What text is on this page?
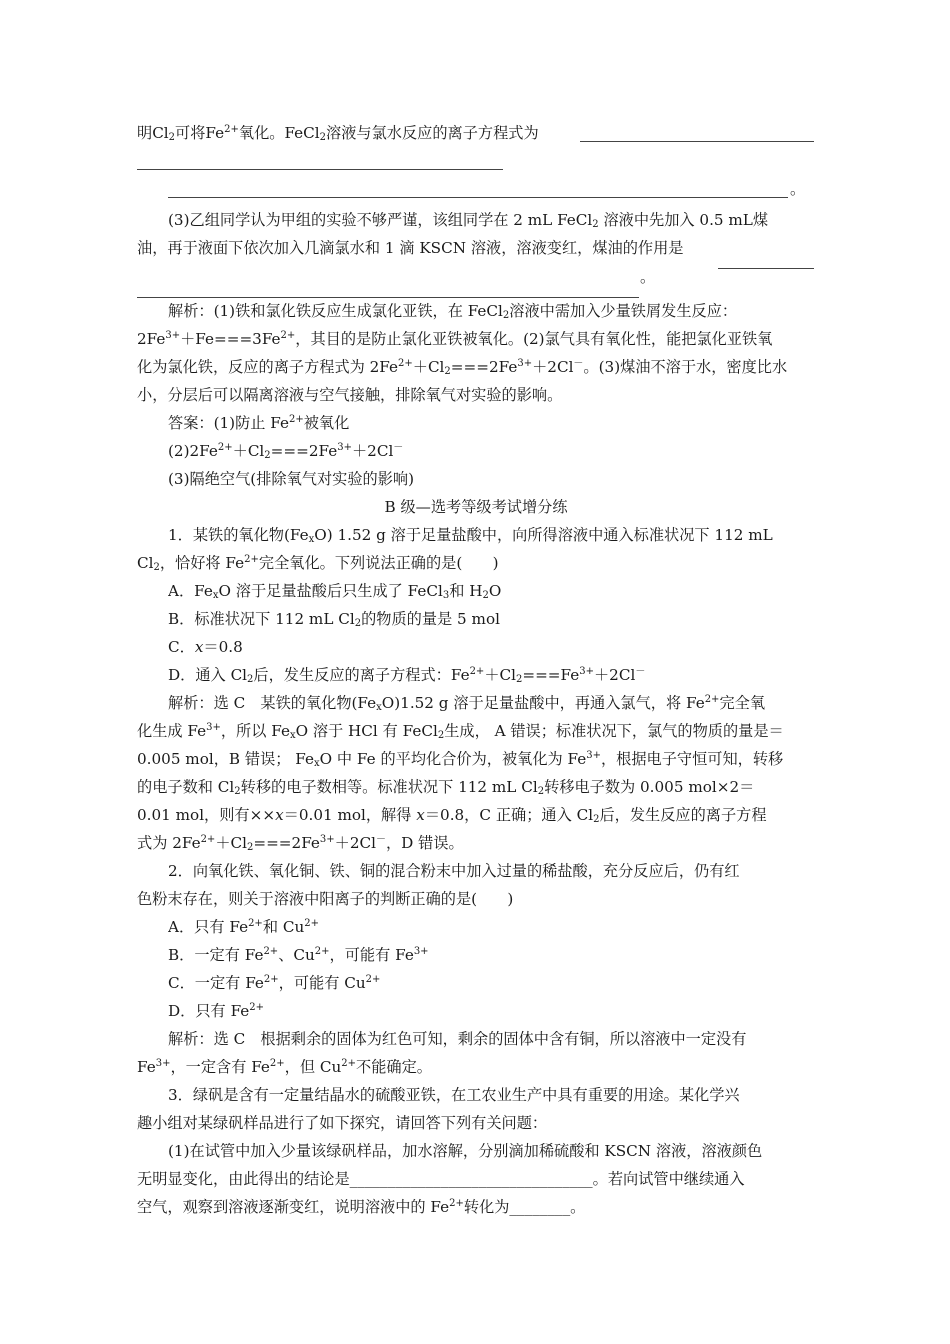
明$Cl_2$可将$Fe^{2+}$氧化。FeCl$_2$溶液与氯水反应的离子方程式为
。
(3)乙组同学认为甲组的实验不够严谨，该组同学在 2 mL FeCl$_2$ 溶液中先加入 0.5 mL煤
油，再于液面下依次加入几滴氯水和 1 滴 KSCN 溶液，溶液变红，煤油的作用是
。
解析：(1)铁和氯化铁反应生成氯化亚铁，在 FeCl$_2$溶液中需加入少量铁屑发生反应：
$2Fe^{3+}+Fe===3Fe^{2+}$，其目的是防止氯化亚铁被氧化。(2)氯气具有氧化性，能把氯化亚铁氧
化为氯化铁，反应的离子方程式为 $2Fe^{2+}+Cl_2===2Fe^{3+}+2Cl^-$。(3)煤油不溶于水，密度比水
小，分层后可以隔离溶液与空气接触，排除氧气对实验的影响。
答案：(1)防止 $Fe^{2+}$被氧化
$(2)2Fe^{2+}+Cl_2===2Fe^{3+}+2Cl^-$
(3)隔绝空气(排除氧气对实验的影响)
B 级—选考等级考试增分练
1．某铁的氧化物$(Fe_xO)$ 1.52 g 溶于足量盐酸中，向所得溶液中通入标准状况下 112 mL
$Cl_2$，恰好将 $Fe^{2+}$完全氧化。下列说法正确的是(　　)
A．$Fe_xO$ 溶于足量盐酸后只生成了 FeCl$_3$和 $H_2O$
B．标准状况下 112 mL $Cl_2$的物质的量是 5 mol
C．x＝0.8
D．通入 $Cl_2$后，发生反应的离子方程式：$Fe^{2+}+Cl_2===Fe^{3+}+2Cl^-$
解析：选 C　某铁的氧化物$(Fe_xO)1.52$ g 溶于足量盐酸中，再通入氯气，将 $Fe^{2+}$完全氧
化生成 $Fe^{3+}$，所以 $Fe_xO$ 溶于 HCl 有 FeCl$_2$生成， A 错误；标准状况下，氯气的物质的量是＝
0.005 mol，B 错误； $Fe_xO$ 中 Fe 的平均化合价为，被氧化为 $Fe^{3+}$，根据电子守恒可知，转移
的电子数和 $Cl_2$转移的电子数相等。标准状况下 112 mL $Cl_2$转移电子数为 0.005 mol×2＝
0.01 mol，则有××x＝0.01 mol，解得 x＝0.8，C 正确；通入 $Cl_2$后，发生反应的离子方程
式为 $2Fe^{2+}+Cl_2===2Fe^{3+}+2Cl^-$，D 错误。
2．向氧化铁、氧化铜、铁、铜的混合粉末中加入过量的稀盐酸，充分反应后，仍有红
色粉末存在，则关于溶液中阳离子的判断正确的是(　　)
A．只有 $Fe^{2+}$和 $Cu^{2+}$
B．一定有 $Fe^{2+}$、$Cu^{2+}$，可能有 $Fe^{3+}$
C．一定有 $Fe^{2+}$，可能有 $Cu^{2+}$
D．只有 $Fe^{2+}$
解析：选 C　根据剩余的固体为红色可知，剩余的固体中含有铜，所以溶液中一定没有
$Fe^{3+}$，一定含有 $Fe^{2+}$，但 $Cu^{2+}$不能确定。
3．绿矾是含有一定量结晶水的硫酸亚铁，在工农业生产中具有重要的用途。某化学兴
趣小组对某绿矾样品进行了如下探究，请回答下列有关问题：
(1)在试管中加入少量该绿矾样品，加水溶解，分别滴加稀硫酸和 KSCN 溶液，溶液颜色
无明显变化，由此得出的结论是________________________________。若向试管中继续通入
空气，观察到溶液逐渐变红，说明溶液中的 $Fe^{2+}$转化为________。
